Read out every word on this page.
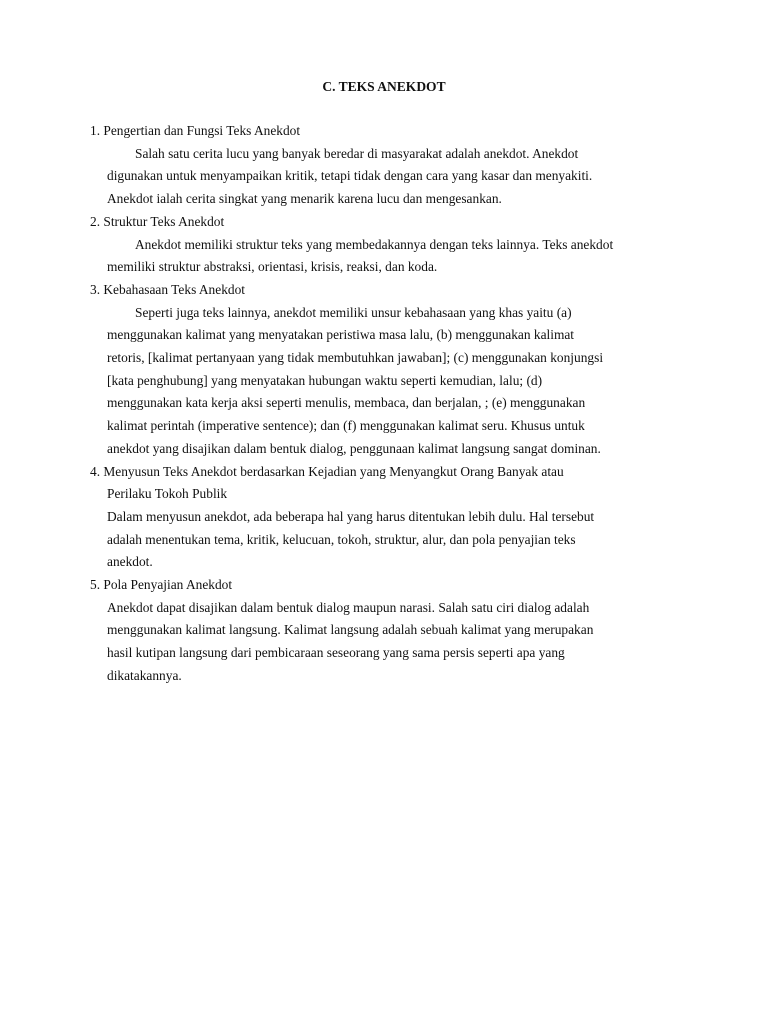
C. TEKS ANEKDOT
1. Pengertian dan Fungsi Teks Anekdot
Salah satu cerita lucu yang banyak beredar di masyarakat adalah anekdot. Anekdot
digunakan untuk menyampaikan kritik, tetapi tidak dengan cara yang kasar dan menyakiti.
Anekdot ialah cerita singkat yang menarik karena lucu dan mengesankan.
2. Struktur Teks Anekdot
Anekdot memiliki struktur teks yang membedakannya dengan teks lainnya. Teks anekdot
memiliki struktur abstraksi, orientasi, krisis, reaksi, dan koda.
3. Kebahasaan Teks Anekdot
Seperti juga teks lainnya, anekdot memiliki unsur kebahasaan yang khas yaitu (a)
menggunakan kalimat yang menyatakan peristiwa masa lalu, (b) menggunakan kalimat
retoris, [kalimat pertanyaan yang tidak membutuhkan jawaban]; (c) menggunakan konjungsi
[kata penghubung] yang menyatakan hubungan waktu seperti kemudian, lalu; (d)
menggunakan kata kerja aksi seperti menulis, membaca, dan berjalan, ; (e) menggunakan
kalimat perintah (imperative sentence); dan (f) menggunakan kalimat seru. Khusus untuk
anekdot yang disajikan dalam bentuk dialog, penggunaan kalimat langsung sangat dominan.
4. Menyusun Teks Anekdot berdasarkan Kejadian yang Menyangkut Orang Banyak atau
Perilaku Tokoh Publik
Dalam menyusun anekdot, ada beberapa hal yang harus ditentukan lebih dulu. Hal tersebut
adalah menentukan tema, kritik, kelucuan, tokoh, struktur, alur, dan pola penyajian teks
anekdot.
5. Pola Penyajian Anekdot
Anekdot dapat disajikan dalam bentuk dialog maupun narasi. Salah satu ciri dialog adalah
menggunakan kalimat langsung. Kalimat langsung adalah sebuah kalimat yang merupakan
hasil kutipan langsung dari pembicaraan seseorang yang sama persis seperti apa yang
dikatakannya.
